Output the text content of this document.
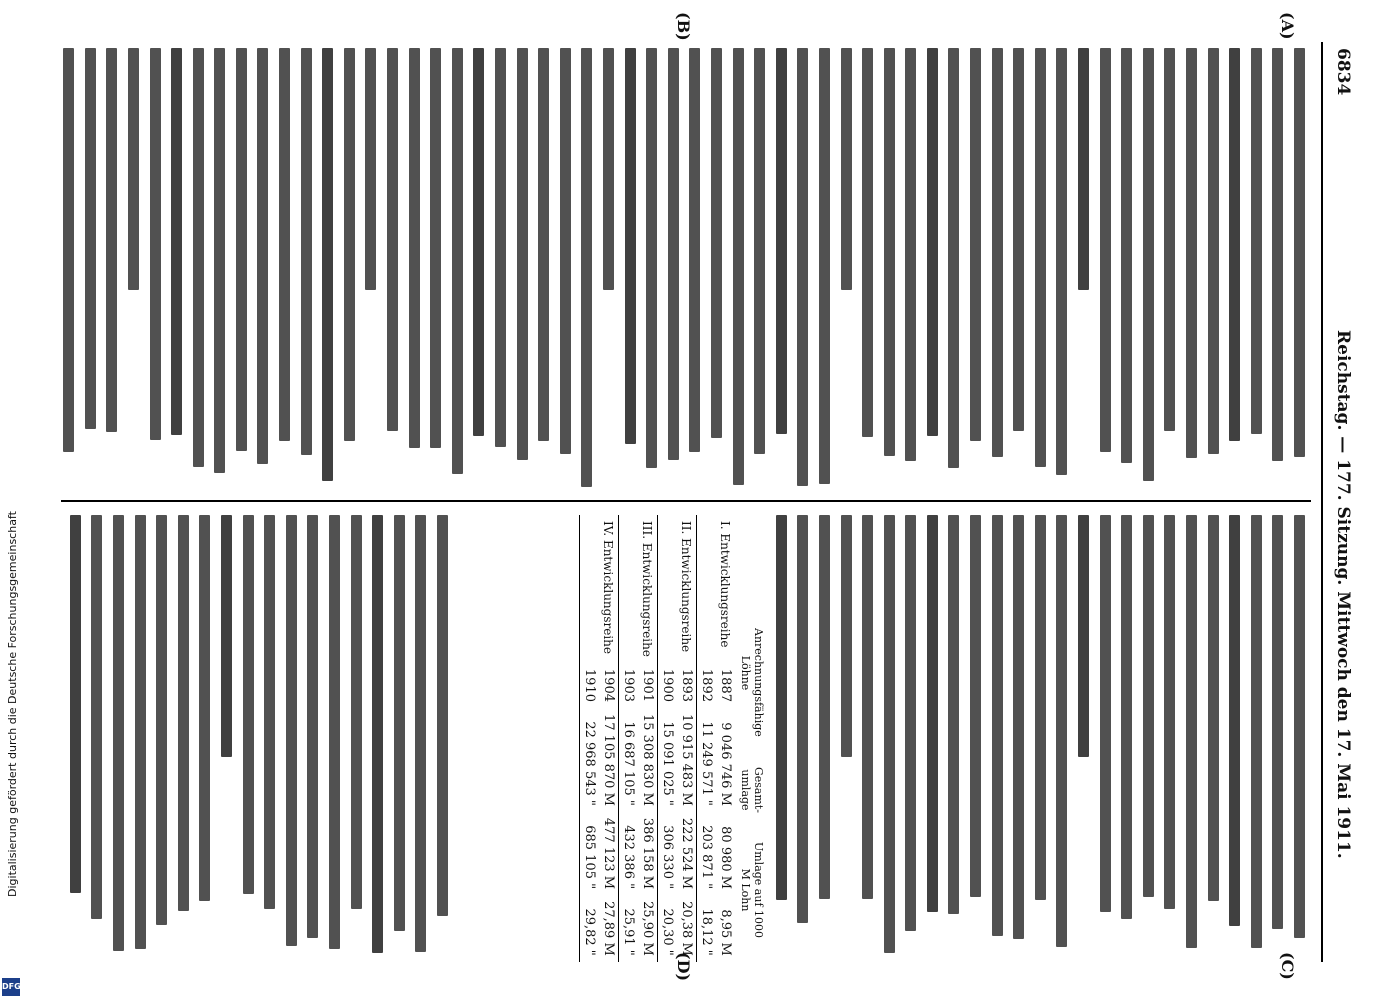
6834
Reichstag. — 177. Sitzung. Mittwoch den 17. Mai 1911.
(A)
(B)
(C)
(D)
Anrechnungsfähige Löhne
Gesamt-umlage
Umlage auf 1000 M Lohn
I. Entwicklungsreihe	1887	9 046 746 M	80 980 M	8,95 M
	1892	11 249 571 "	203 871 "	18,12 "
II. Entwicklungsreihe	1893	10 915 483 M	222 524 M	20,38 M
	1900	15 091 025 "	306 330 "	20,30 "
III. Entwicklungsreihe	1901	15 308 830 M	386 158 M	25,90 M
	1903	16 687 105 "	432 386 "	25,91 "
IV. Entwicklungsreihe	1904	17 105 870 M	477 123 M	27,89 M
	1910	22 968 543 "	685 105 "	29,82 "
Digitalisierung gefördert durch die Deutsche Forschungsgemeinschaft
DFG
